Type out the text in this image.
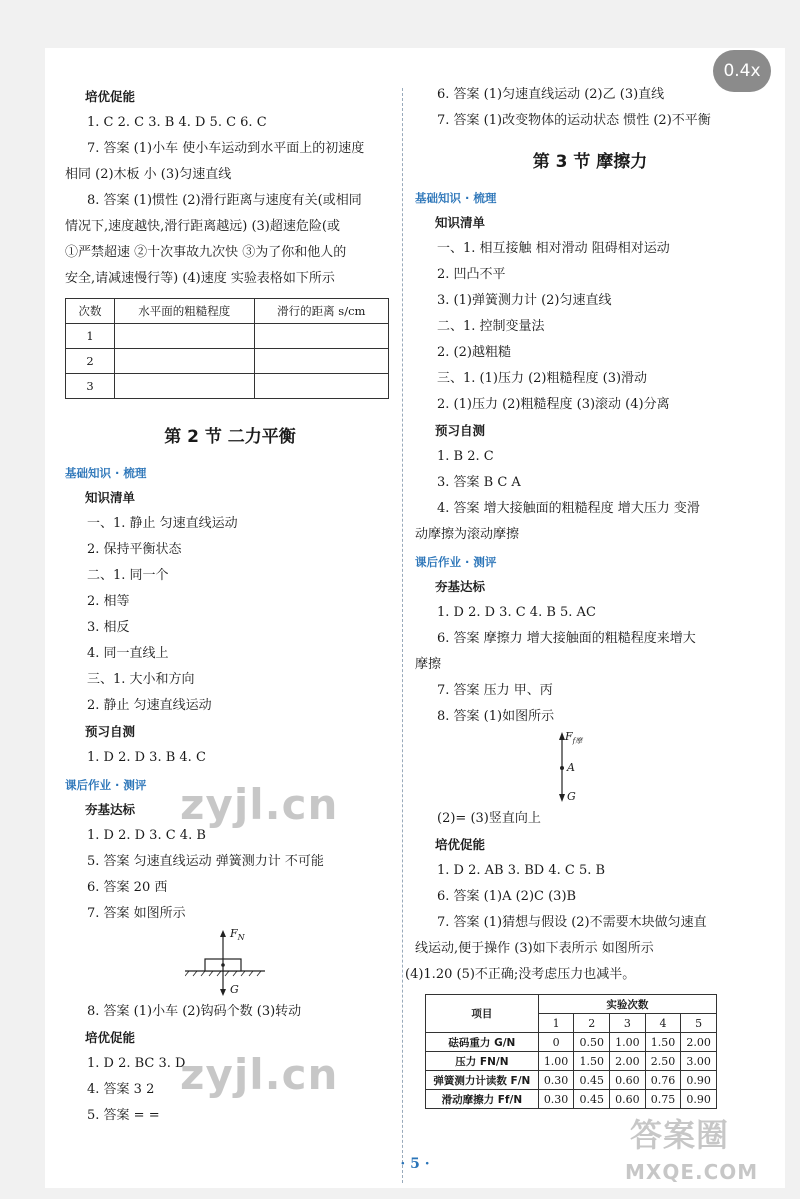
培优促能
1. C 2. C 3. B 4. D 5. C 6. C
7. 答案 (1)小车 使小车运动到水平面上的初速度
相同 (2)木板 小 (3)匀速直线
8. 答案 (1)惯性 (2)滑行距离与速度有关(或相同
情况下,速度越快,滑行距离越远) (3)超速危险(或
①严禁超速 ②十次事故九次快 ③为了你和他人的
安全,请减速慢行等) (4)速度 实验表格如下所示
次数	水平面的粗糙程度	滑行的距离 s/cm
1		
2		
3		
第 2 节 二力平衡
基础知识 · 梳理
知识清单
一、1. 静止 匀速直线运动
2. 保持平衡状态
二、1. 同一个
2. 相等
3. 相反
4. 同一直线上
三、1. 大小和方向
2. 静止 匀速直线运动
预习自测
1. D 2. D 3. B 4. C
课后作业 · 测评
夯基达标
1. D 2. D 3. C 4. B
5. 答案 匀速直线运动 弹簧测力计 不可能
6. 答案 20 西
7. 答案 如图所示
$F_N$
G
8. 答案 (1)小车 (2)钩码个数 (3)转动
培优促能
1. D 2. BC 3. D
4. 答案 3 2
5. 答案 = =
6. 答案 (1)匀速直线运动 (2)乙 (3)直线
7. 答案 (1)改变物体的运动状态 惯性 (2)不平衡
第 3 节 摩擦力
基础知识 · 梳理
知识清单
一、1. 相互接触 相对滑动 阻碍相对运动
2. 凹凸不平
3. (1)弹簧测力计 (2)匀速直线
二、1. 控制变量法
2. (2)越粗糙
三、1. (1)压力 (2)粗糙程度 (3)滑动
2. (1)压力 (2)粗糙程度 (3)滚动 (4)分离
预习自测
1. B 2. C
3. 答案 B C A
4. 答案 增大接触面的粗糙程度 增大压力 变滑
动摩擦为滚动摩擦
课后作业 · 测评
夯基达标
1. D 2. D 3. C 4. B 5. AC
6. 答案 摩擦力 增大接触面的粗糙程度来增大
摩擦
7. 答案 压力 甲、丙
8. 答案 (1)如图所示
$F_{f摩}$
A
G
(2)= (3)竖直向上
培优促能
1. D 2. AB 3. BD 4. C 5. B
6. 答案 (1)A (2)C (3)B
7. 答案 (1)猜想与假设 (2)不需要木块做匀速直
线运动,便于操作 (3)如下表所示 如图所示
(4)1.20 (5)不正确;没考虑压力也减半。
项目	实验次数				
	1	2	3	4	5
砝码重力 G/N	0	0.50	1.00	1.50	2.00
压力 FN/N	1.00	1.50	2.00	2.50	3.00
弹簧测力计读数 F/N	0.30	0.45	0.60	0.76	0.90
滑动摩擦力 Ff/N	0.30	0.45	0.60	0.75	0.90
· 5 ·
0.4x
zyjl.cn
zyjl.cn
答案圈
MXQE.COM
